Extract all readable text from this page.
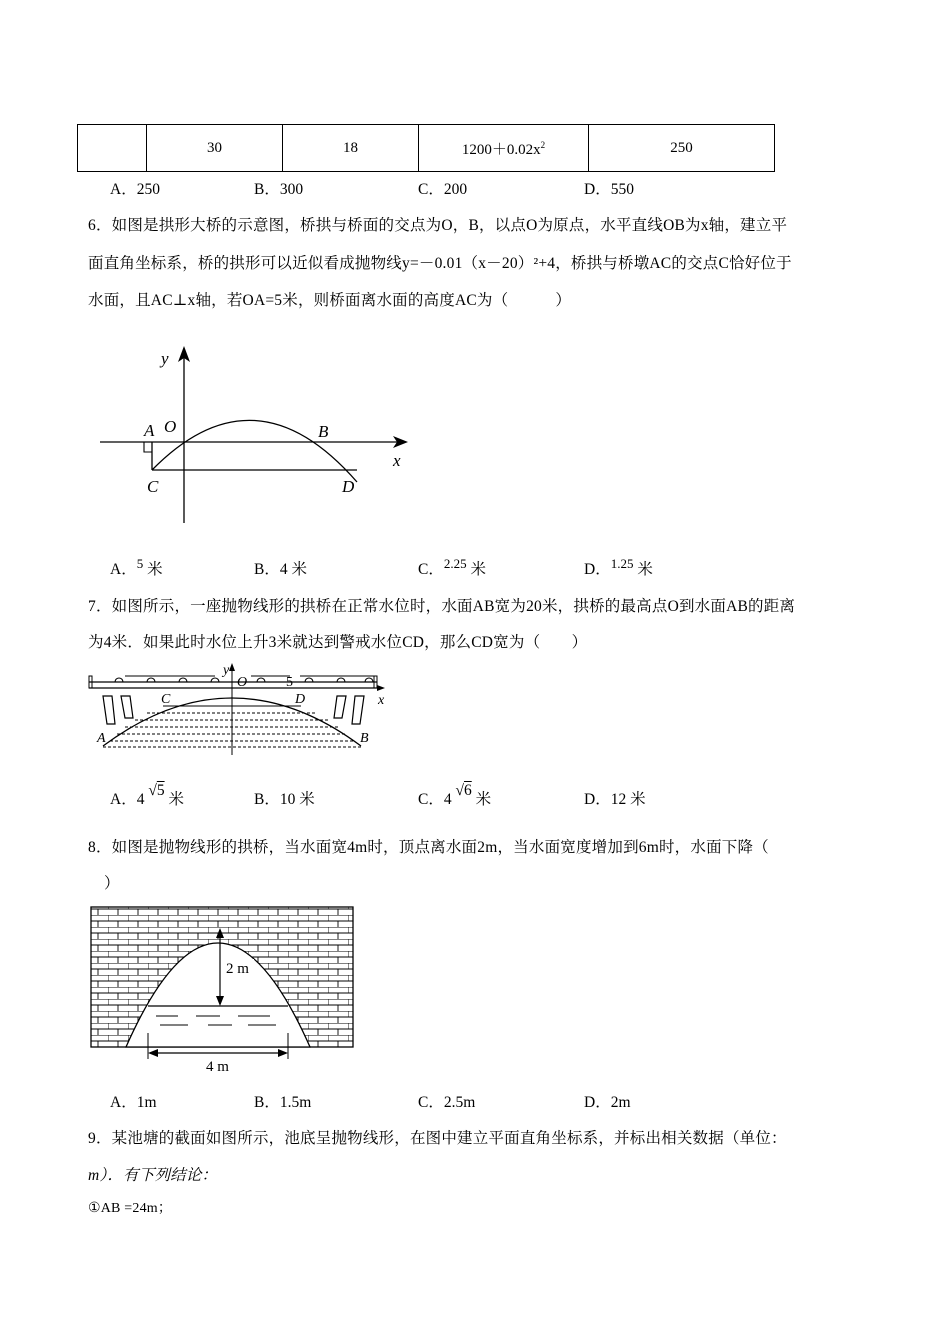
	30	18	$1200+0.02x^2$	250
A．250	B．300	C．200	D．550
6．如图是拱形大桥的示意图，桥拱与桥面的交点为O，B，以点O为原点，水平直线OB为x轴，建立平
面直角坐标系，桥的拱形可以近似看成抛物线y=－0.01（x－20）²+4，桥拱与桥墩AC的交点C恰好位于
水面，且AC⊥x轴，若OA=5米，则桥面离水面的高度AC为（　　　）
y
A O	B
x
C	D
A．$^5$ 米	B．4 米	C．$^{2.25}$ 米	D．$^{1.25}$ 米
7．如图所示，一座抛物线形的拱桥在正常水位时，水面AB宽为20米，拱桥的最高点O到水面AB的距离
为4米．如果此时水位上升3米就达到警戒水位CD，那么CD宽为（　　）
y
O	5
C	D	x
A	B
A．4 √5 米	B．10 米	C．4 √6 米	D．12 米
8．如图是抛物线形的拱桥，当水面宽4m时，顶点离水面2m，当水面宽度增加到6m时，水面下降（
）
2 m
4 m
A．1m	B．1.5m	C．2.5m	D．2m
9．某池塘的截面如图所示，池底呈抛物线形，在图中建立平面直角坐标系，并标出相关数据（单位：
m）．有下列结论：
①AB =24m；
